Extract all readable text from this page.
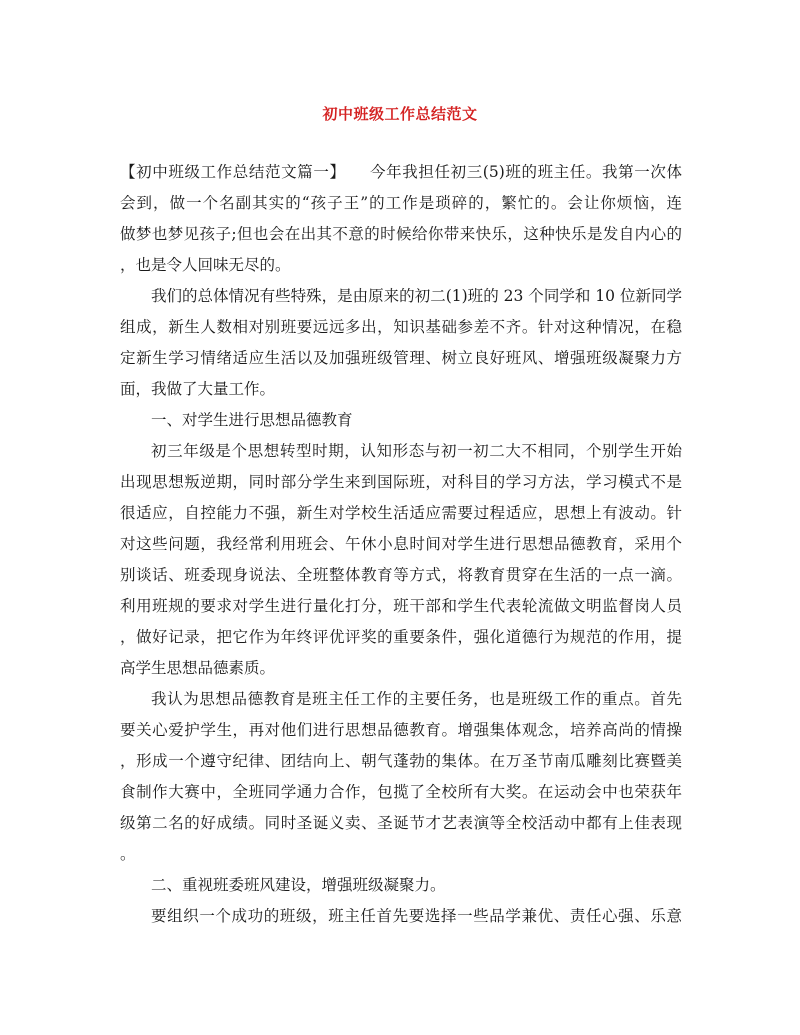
初中班级工作总结范文
【初中班级工作总结范文篇一】　　今年我担任初三(5)班的班主任。我第一次体
会到，做一个名副其实的“孩子王”的工作是琐碎的，繁忙的。会让你烦恼，连
做梦也梦见孩子;但也会在出其不意的时候给你带来快乐，这种快乐是发自内心的
，也是令人回味无尽的。
我们的总体情况有些特殊，是由原来的初二(1)班的 23 个同学和 10 位新同学
组成，新生人数相对别班要远远多出，知识基础参差不齐。针对这种情况，在稳
定新生学习情绪适应生活以及加强班级管理、树立良好班风、增强班级凝聚力方
面，我做了大量工作。
一、对学生进行思想品德教育
初三年级是个思想转型时期，认知形态与初一初二大不相同，个别学生开始
出现思想叛逆期，同时部分学生来到国际班，对科目的学习方法，学习模式不是
很适应，自控能力不强，新生对学校生活适应需要过程适应，思想上有波动。针
对这些问题，我经常利用班会、午休小息时间对学生进行思想品德教育，采用个
别谈话、班委现身说法、全班整体教育等方式，将教育贯穿在生活的一点一滴。
利用班规的要求对学生进行量化打分，班干部和学生代表轮流做文明监督岗人员
，做好记录，把它作为年终评优评奖的重要条件，强化道德行为规范的作用，提
高学生思想品德素质。
我认为思想品德教育是班主任工作的主要任务，也是班级工作的重点。首先
要关心爱护学生，再对他们进行思想品德教育。增强集体观念，培养高尚的情操
，形成一个遵守纪律、团结向上、朝气蓬勃的集体。在万圣节南瓜雕刻比赛暨美
食制作大赛中，全班同学通力合作，包揽了全校所有大奖。在运动会中也荣获年
级第二名的好成绩。同时圣诞义卖、圣诞节才艺表演等全校活动中都有上佳表现
。
二、重视班委班风建设，增强班级凝聚力。
要组织一个成功的班级，班主任首先要选择一些品学兼优、责任心强、乐意
